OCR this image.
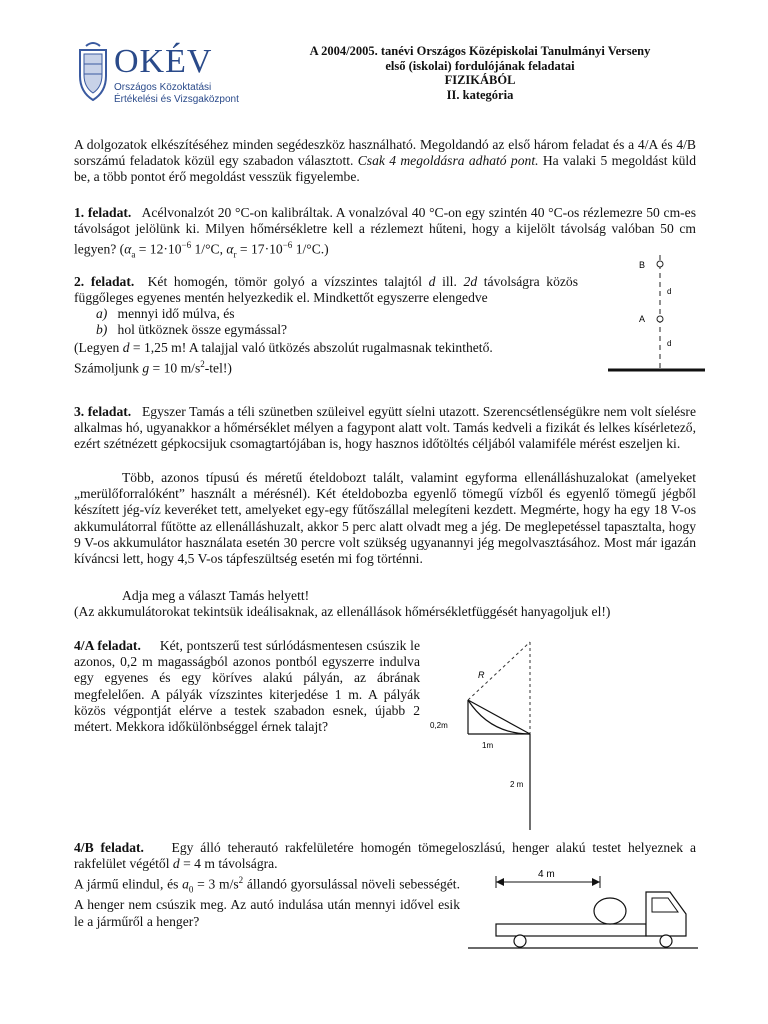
OKÉV
Országos Közoktatási
Értékelési és Vizsgaközpont
A 2004/2005. tanévi Országos Középiskolai Tanulmányi Verseny
első (iskolai) fordulójának feladatai
FIZIKÁBÓL
II. kategória
A dolgozatok elkészítéséhez minden segédeszköz használható. Megoldandó az első három feladat és a 4/A és 4/B sorszámú feladatok közül egy szabadon választott. Csak 4 megoldásra adható pont. Ha valaki 5 megoldást küld be, a több pontot érő megoldást vesszük figyelembe.
1. feladat. Acélvonalzót 20 °C-on kalibráltak. A vonalzóval 40 °C-on egy szintén 40 °C-os rézlemezre 50 cm-es távolságot jelölünk ki. Milyen hőmérsékletre kell a rézlemezt hűteni, hogy a kijelölt távolság valóban 50 cm legyen? ($\alpha_a = 12\cdot 10^{-6}$ 1/°C, $\alpha_r = 17\cdot 10^{-6}$ 1/°C.)
2. feladat. Két homogén, tömör golyó a vízszintes talajtól d ill. 2d távolságra közös függőleges egyenes mentén helyezkedik el. Mindkettőt egyszerre elengedve
a) mennyi idő múlva, és
b) hol ütköznek össze egymással?
(Legyen d = 1,25 m! A talajjal való ütközés abszolút rugalmasnak tekinthető.
Számoljunk g = 10 $m/s^2-tel$!)
B
A
d
d
3. feladat. Egyszer Tamás a téli szünetben szüleivel együtt síelni utazott. Szerencsétlenségükre nem volt síelésre alkalmas hó, ugyanakkor a hőmérséklet mélyen a fagypont alatt volt. Tamás kedveli a fizikát és lelkes kísérletező, ezért szétnézett gépkocsijuk csomagtartójában is, hogy hasznos időtöltés céljából valamiféle mérést eszeljen ki.
Több, azonos típusú és méretű ételdobozt talált, valamint egyforma ellenálláshuzalokat (amelyeket „merülőforralóként” használt a mérésnél). Két ételdobozba egyenlő tömegű vízből és egyenlő tömegű jégből készített jég-víz keveréket tett, amelyeket egy-egy fűtőszállal melegíteni kezdett. Megmérte, hogy ha egy 18 V-os akkumulátorral fűtötte az ellenálláshuzalt, akkor 5 perc alatt olvadt meg a jég. De meglepetéssel tapasztalta, hogy 9 V-os akkumulátor használata esetén 30 percre volt szükség ugyanannyi jég megolvasztásához. Most már igazán kíváncsi lett, hogy 4,5 V-os tápfeszültség esetén mi fog történni.
Adja meg a választ Tamás helyett!
(Az akkumulátorokat tekintsük ideálisaknak, az ellenállások hőmérsékletfüggését hanyagoljuk el!)
4/A feladat. Két, pontszerű test súrlódásmentesen csúszik le azonos, 0,2 m magasságból azonos pontból egyszerre indulva egy egyenes és egy köríves alakú pályán, az ábrának megfelelően. A pályák vízszintes kiterjedése 1 m. A pályák közös végpontját elérve a testek szabadon esnek, újabb 2 métert. Mekkora időkülönbséggel érnek talajt?
R
0,2m
1m
2 m
4/B feladat. Egy álló teherautó rakfelületére homogén tömegeloszlású, henger alakú testet helyeznek a rakfelület végétől d = 4 m távolságra.
A jármű elindul, és $a_0 = 3$ $m/s^2$ állandó gyorsulással növeli sebességét. A henger nem csúszik meg. Az autó indulása után mennyi idővel esik le a járműről a henger?
4 m
